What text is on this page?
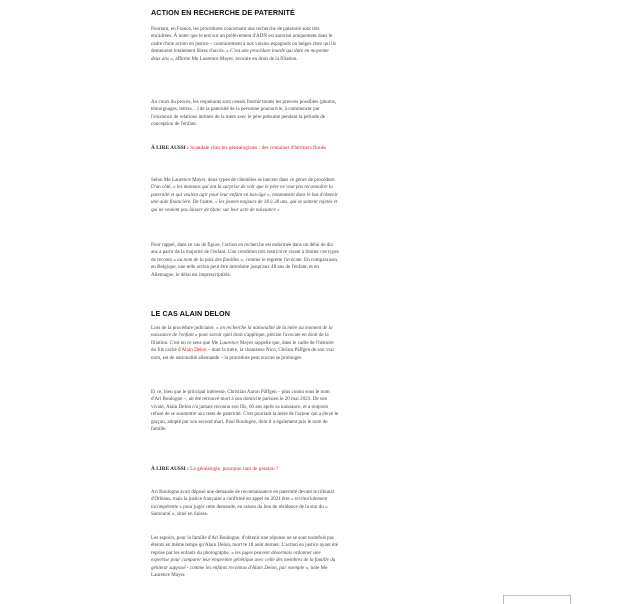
ACTION EN RECHERCHE DE PATERNITÉ

Pourtant, en France, les procédures concernant une recherche de paternité sont très encadrées. À noter que le test sur un prélèvement d'ADN est autorisé uniquement dans le cadre d'une action en justice – contrairement à nos voisins espagnols ou belges chez qui ils demeurent totalement libres d'accès. « C'est une procédure lourde qui dure en moyenne deux ans », affirme Me Laurence Mayer, avocate en droit de la filiation.

Au cours du procès, les requérants sont censés fournir toutes les preuves possibles (photos, témoignages, lettres…) de la paternité de la personne poursuivie, à commencer par l'existence de relations intimes de la mère avec le père présumé pendant la période de conception de l'enfant.

À LIRE AUSSI : Scandale chez les généalogistes : des centaines d'héritiers floués

Selon Me Laurence Mayer, deux types de clientèles se lancent dans ce genre de procédure. D'un côté, « les mamans qui ont la surprise de voir que le père ne veut pas reconnaître la paternité et qui veulent agir pour leur enfant en bas-âge », notamment dans le but d'obtenir une aide financière. De l'autre, « les jeunes majeurs de 18 à 28 ans, qui se sentent rejetés et qui ne veulent pas laisser de blanc sur leur acte de naissance »

Pour rappel, dans ce cas de figure, l'action en recherche est enfermée dans un délai de dix ans à partir de la majorité de l'enfant. Une condition très restrictive visant à limiter ces types de recours « au nom de la paix des familles », comme le regrette l'avocate. En comparaison, en Belgique, une telle action peut être introduite jusqu'aux 48 ans de l'enfant, et en Allemagne, le délai est imprescriptible.

LE CAS ALAIN DELON

Lors de la procédure judiciaire, « on recherche la nationalité de la mère au moment de la naissance de l'enfant » pour savoir quel droit s'applique, précise l'avocate en droit de la filiation. C'est en ce sens que Me Laurence Mayer rappelle que, dans le cadre de l'histoire du fils caché d'Alain Delon – dont la mère, la chanteuse Nico, Christa Päffgen de son vrai nom, est de nationalité allemande – la procédure peut encore se prolonger.

Et ce, bien que le principal intéressé, Christian Aaron Päffgen – plus connu sous le nom d'Ari Boulogne –, ait été retrouvé mort à son domicile parisien le 20 mai 2023. De son vivant, Alain Delon n'a jamais reconnu son fils, 60 ans après sa naissance, et a toujours refusé de se soumettre aux tests de paternité. C'est pourtant la mère de l'acteur qui a élevé le garçon, adopté par son second mari, Paul Boulogne, dont il a également pris le nom de famille.

À LIRE AUSSI : La généalogie, pourquoi tant de passion ?

Ari Boulogne avait déposé une demande de reconnaissance en paternité devant le tribunal d'Orléans, mais la justice française a confirmé en appel en 2021 être « territorialement incompétente » pour juger cette demande, en raison du lieu de résidence de la star du « Samouraï », situé en Suisse.

Les espoirs, pour la famille d'Ari Boulogne, d'obtenir une réponse ne se sont toutefois pas éteints en même temps qu'Alain Delon, mort le 18 août dernier. L'action en justice ayant été reprise par les enfants du photographe, « les juges peuvent désormais ordonner une expertise pour comparer leur empreinte génétique avec celle des membres de la famille du géniteur supposé - comme les enfants reconnus d'Alain Delon, par exemple », note Me Laurence Mayer.
